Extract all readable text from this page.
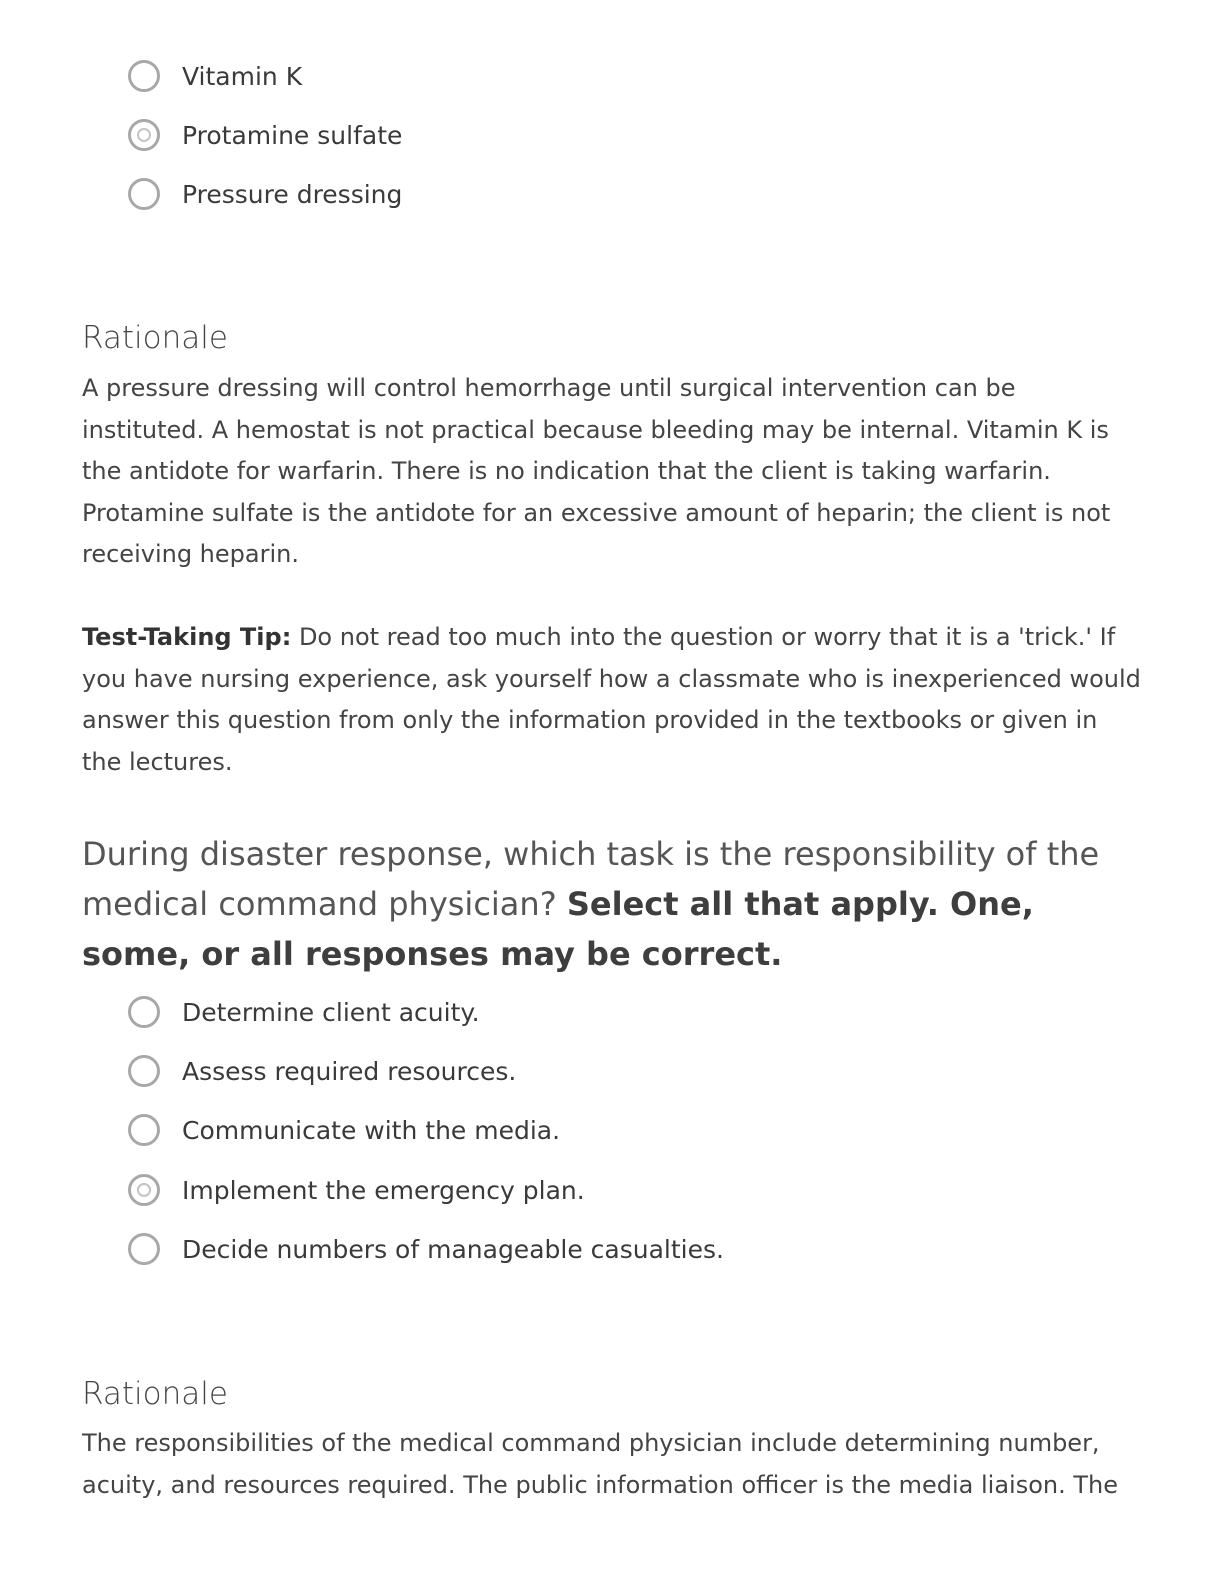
Vitamin K
Protamine sulfate
Pressure dressing
Rationale

A pressure dressing will control hemorrhage until surgical intervention can be instituted. A hemostat is not practical because bleeding may be internal. Vitamin K is the antidote for warfarin. There is no indication that the client is taking warfarin. Protamine sulfate is the antidote for an excessive amount of heparin; the client is not receiving heparin.

Test-Taking Tip: Do not read too much into the question or worry that it is a 'trick.' If you have nursing experience, ask yourself how a classmate who is inexperienced would answer this question from only the information provided in the textbooks or given in the lectures.

During disaster response, which task is the responsibility of the medical command physician? Select all that apply. One, some, or all responses may be correct.

Determine client acuity.
Assess required resources.
Communicate with the media.
Implement the emergency plan.
Decide numbers of manageable casualties.
Rationale

The responsibilities of the medical command physician include determining number, acuity, and resources required. The public information officer is the media liaison. The
